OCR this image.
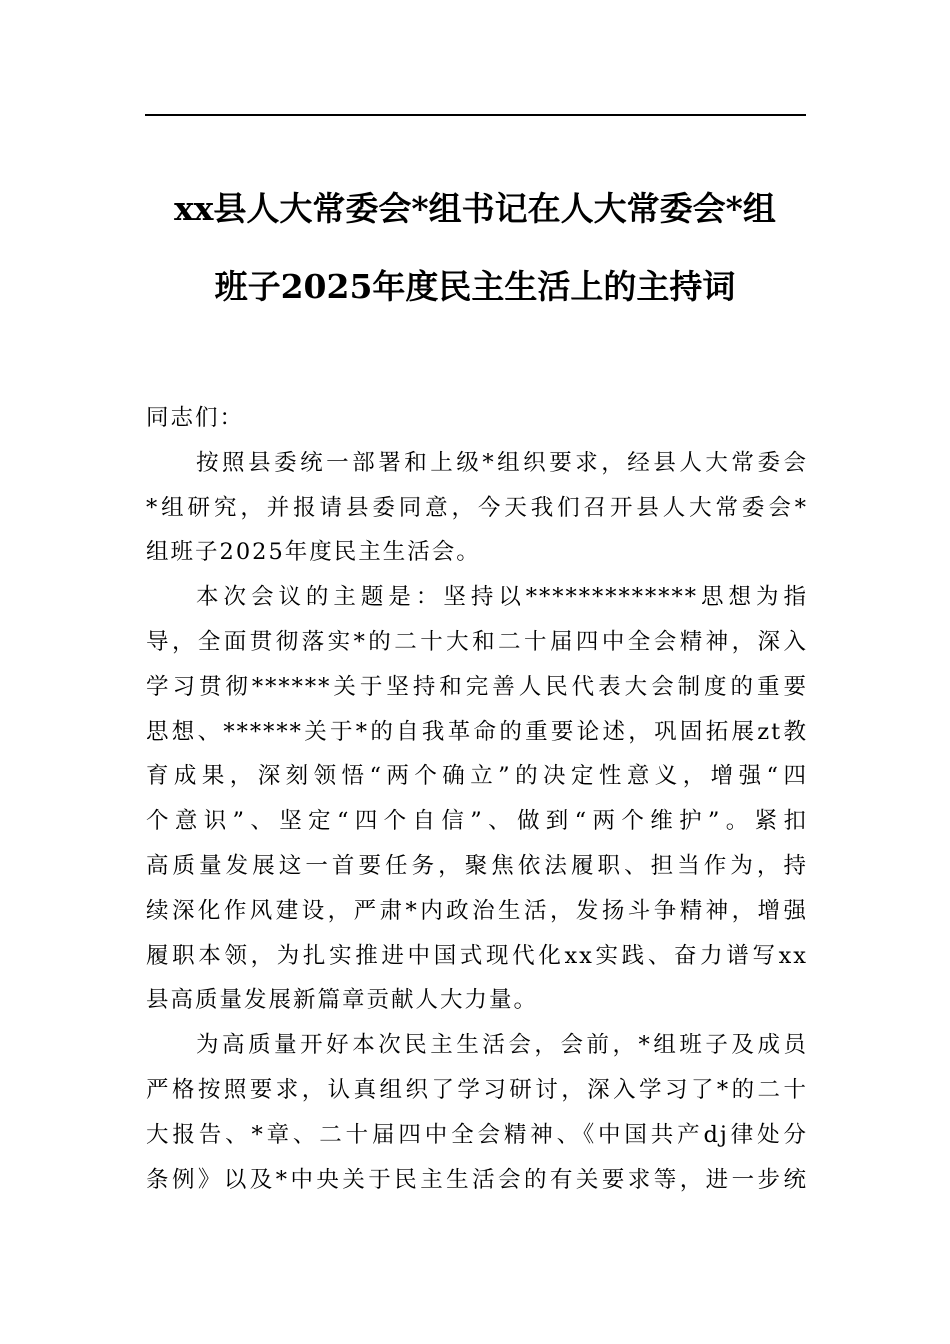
xx县人大常委会*组书记在人大常委会*组
班子2025年度民主生活上的主持词

同志们：

按照县委统一部署和上级*组织要求，经县人大常委会
*组研究，并报请县委同意，今天我们召开县人大常委会*
组班子2025年度民主生活会。

本次会议的主题是：坚持以*************思想为指
导，全面贯彻落实*的二十大和二十届四中全会精神，深入
学习贯彻******关于坚持和完善人民代表大会制度的重要
思想、******关于*的自我革命的重要论述，巩固拓展zt教
育成果，深刻领悟“两个确立”的决定性意义，增强“四
个意识”、坚定“四个自信”、做到“两个维护”。紧扣
高质量发展这一首要任务，聚焦依法履职、担当作为，持
续深化作风建设，严肃*内政治生活，发扬斗争精神，增强
履职本领，为扎实推进中国式现代化xx实践、奋力谱写xx
县高质量发展新篇章贡献人大力量。

为高质量开好本次民主生活会，会前，*组班子及成员
严格按照要求，认真组织了学习研讨，深入学习了*的二十
大报告、*章、二十届四中全会精神、《中国共产dj律处分
条例》以及*中央关于民主生活会的有关要求等，进一步统
